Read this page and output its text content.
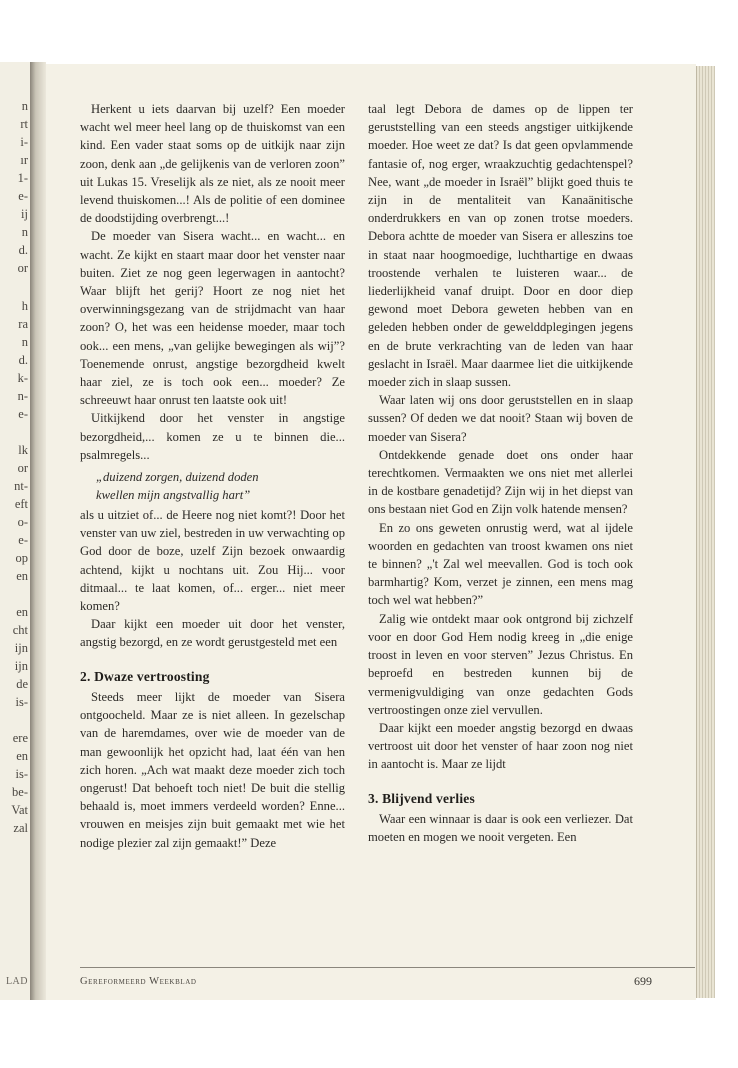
n
rt
i-
ır
1-
e-
ij
n
d.
or
h
ra
n
d.
k-
n-
e-
lk
or
nt-
eft
o-
e-
op
en
en
cht
ijn
ijn
de
is-
ere
en
is-
be-
Vat
zal
LAD

Herkent u iets daarvan bij uzelf? Een moeder wacht wel meer heel lang op de thuiskomst van een kind. Een vader staat soms op de uitkijk naar zijn zoon, denk aan „de gelijkenis van de verloren zoon” uit Lukas 15. Vreselijk als ze niet, als ze nooit meer levend thuiskomen...! Als de politie of een dominee de doodstijding overbrengt...!

De moeder van Sisera wacht... en wacht... en wacht. Ze kijkt en staart maar door het venster naar buiten. Ziet ze nog geen legerwagen in aantocht? Waar blijft het gerij? Hoort ze nog niet het overwinningsgezang van de strijdmacht van haar zoon? O, het was een heidense moeder, maar toch ook... een mens, „van gelijke bewegingen als wij”? Toenemende onrust, angstige bezorgdheid kwelt haar ziel, ze is toch ook een... moeder? Ze schreeuwt haar onrust ten laatste ook uit!

Uitkijkend door het venster in angstige bezorgdheid,... komen ze u te binnen die... psalmregels...

„duizend zorgen, duizend doden
kwellen mijn angstvallig hart”

als u uitziet of... de Heere nog niet komt?! Door het venster van uw ziel, bestreden in uw verwachting op God door de boze, uzelf Zijn bezoek onwaardig achtend, kijkt u nochtans uit. Zou Hij... voor ditmaal... te laat komen, of... erger... niet meer komen?

Daar kijkt een moeder uit door het venster, angstig bezorgd, en ze wordt gerustgesteld met een

2. Dwaze vertroosting

Steeds meer lijkt de moeder van Sisera ontgoocheld. Maar ze is niet alleen. In gezelschap van de haremdames, over wie de moeder van de man gewoonlijk het opzicht had, laat één van hen zich horen. „Ach wat maakt deze moeder zich toch ongerust! Dat behoeft toch niet! De buit die stellig behaald is, moet immers verdeeld worden? Enne... vrouwen en meisjes zijn buit gemaakt met wie het nodige plezier zal zijn gemaakt!” Deze

taal legt Debora de dames op de lippen ter geruststelling van een steeds angstiger uitkijkende moeder. Hoe weet ze dat? Is dat geen opvlammende fantasie of, nog erger, wraakzuchtig gedachtenspel? Nee, want „de moeder in Israël” blijkt goed thuis te zijn in de mentaliteit van Kanaänitische onderdrukkers en van op zonen trotse moeders. Debora achtte de moeder van Sisera er alleszins toe in staat naar hoogmoedige, luchthartige en dwaas troostende verhalen te luisteren waar... de liederlijkheid vanaf druipt. Door en door diep gewond moet Debora geweten hebben van en geleden hebben onder de gewelddplegingen jegens en de brute verkrachting van de leden van haar geslacht in Israël. Maar daarmee liet die uitkijkende moeder zich in slaap sussen.

Waar laten wij ons door geruststellen en in slaap sussen? Of deden we dat nooit? Staan wij boven de moeder van Sisera?

Ontdekkende genade doet ons onder haar terechtkomen. Vermaakten we ons niet met allerlei in de kostbare genadetijd? Zijn wij in het diepst van ons bestaan niet God en Zijn volk hatende mensen?

En zo ons geweten onrustig werd, wat al ijdele woorden en gedachten van troost kwamen ons niet te binnen? „'t Zal wel meevallen. God is toch ook barmhartig? Kom, verzet je zinnen, een mens mag toch wel wat hebben?”

Zalig wie ontdekt maar ook ontgrond bij zichzelf voor en door God Hem nodig kreeg in „die enige troost in leven en voor sterven” Jezus Christus. En beproefd en bestreden kunnen bij de vermenigvuldiging van onze gedachten Gods vertroostingen onze ziel vervullen.

Daar kijkt een moeder angstig bezorgd en dwaas vertroost uit door het venster of haar zoon nog niet in aantocht is. Maar ze lijdt

3. Blijvend verlies

Waar een winnaar is daar is ook een verliezer. Dat moeten en mogen we nooit vergeten. Een

Gereformeerd Weekblad	699
